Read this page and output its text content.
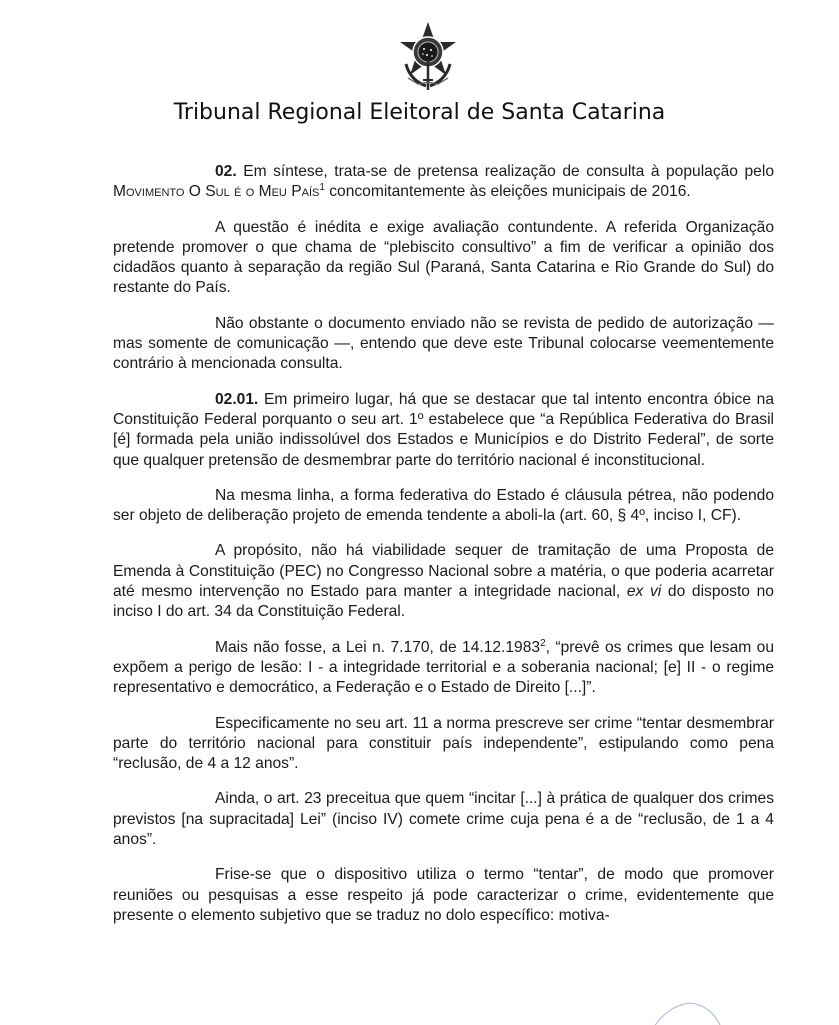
Tribunal Regional Eleitoral de Santa Catarina

02. Em síntese, trata-se de pretensa realização de consulta à população pelo Movimento O Sul é o Meu País$^1$ concomitantemente às eleições municipais de 2016.

A questão é inédita e exige avaliação contundente. A referida Organização pretende promover o que chama de “plebiscito consultivo” a fim de verificar a opinião dos cidadãos quanto à separação da região Sul (Paraná, Santa Catarina e Rio Grande do Sul) do restante do País.

Não obstante o documento enviado não se revista de pedido de autorização — mas somente de comunicação —, entendo que deve este Tribunal colocarse veementemente contrário à mencionada consulta.

02.01. Em primeiro lugar, há que se destacar que tal intento encontra óbice na Constituição Federal porquanto o seu art. 1º estabelece que “a República Federativa do Brasil [é] formada pela união indissolúvel dos Estados e Municípios e do Distrito Federal”, de sorte que qualquer pretensão de desmembrar parte do território nacional é inconstitucional.

Na mesma linha, a forma federativa do Estado é cláusula pétrea, não podendo ser objeto de deliberação projeto de emenda tendente a aboli-la (art. 60, § 4º, inciso I, CF).

A propósito, não há viabilidade sequer de tramitação de uma Proposta de Emenda à Constituição (PEC) no Congresso Nacional sobre a matéria, o que poderia acarretar até mesmo intervenção no Estado para manter a integridade nacional, ex vi do disposto no inciso I do art. 34 da Constituição Federal.

Mais não fosse, a Lei n. 7.170, de 14.12.1983$^2$, “prevê os crimes que lesam ou expõem a perigo de lesão: I - a integridade territorial e a soberania nacional; [e] II - o regime representativo e democrático, a Federação e o Estado de Direito [...]”.

Especificamente no seu art. 11 a norma prescreve ser crime “tentar desmembrar parte do território nacional para constituir país independente”, estipulando como pena “reclusão, de 4 a 12 anos”.

Ainda, o art. 23 preceitua que quem “incitar [...] à prática de qualquer dos crimes previstos [na supracitada] Lei” (inciso IV) comete crime cuja pena é a de “reclusão, de 1 a 4 anos”.

Frise-se que o dispositivo utiliza o termo “tentar”, de modo que promover reuniões ou pesquisas a esse respeito já pode caracterizar o crime, evidentemente que presente o elemento subjetivo que se traduz no dolo específico: motiva-
